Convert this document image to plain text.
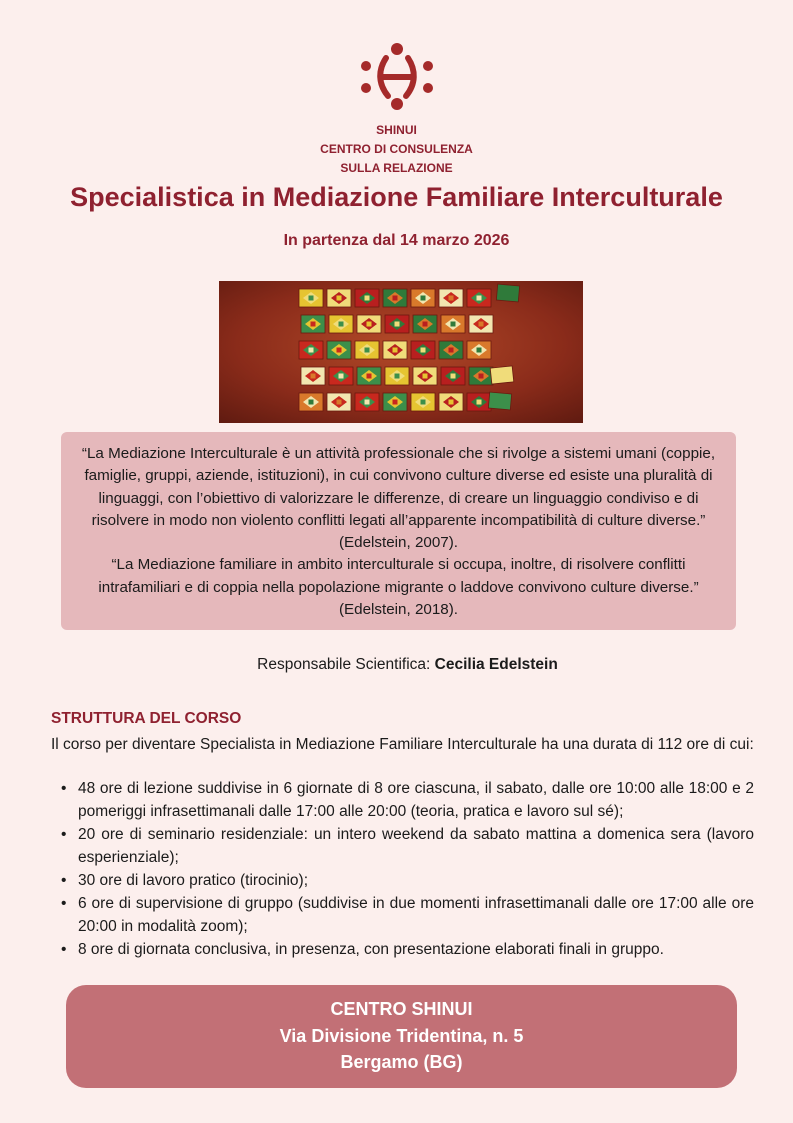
SHINUI
CENTRO DI CONSULENZA
SULLA RELAZIONE
Specialistica in Mediazione Familiare Interculturale
In partenza dal 14 marzo 2026

“La Mediazione Interculturale è un attività professionale che si rivolge a sistemi umani (coppie, famiglie, gruppi, aziende, istituzioni), in cui convivono culture diverse ed esiste una pluralità di linguaggi, con l’obiettivo di valorizzare le differenze, di creare un linguaggio condiviso e di risolvere in modo non violento conflitti legati all’apparente incompatibilità di culture diverse.” (Edelstein, 2007).

“La Mediazione familiare in ambito interculturale si occupa, inoltre, di risolvere conflitti intrafamiliari e di coppia nella popolazione migrante o laddove convivono culture diverse.” (Edelstein, 2018).

Responsabile Scientifica: Cecilia Edelstein
STRUTTURA DEL CORSO
Il corso per diventare Specialista in Mediazione Familiare Interculturale ha una durata di 112 ore di cui:
• 48 ore di lezione suddivise in 6 giornate di 8 ore ciascuna, il sabato, dalle ore 10:00 alle 18:00 e 2 pomeriggi infrasettimanali dalle 17:00 alle 20:00 (teoria, pratica e lavoro sul sé);
• 20 ore di seminario residenziale: un intero weekend da sabato mattina a domenica sera (lavoro esperienziale);
• 30 ore di lavoro pratico (tirocinio);
• 6 ore di supervisione di gruppo (suddivise in due momenti infrasettimanali dalle ore 17:00 alle ore 20:00 in modalità zoom);
• 8 ore di giornata conclusiva, in presenza, con presentazione elaborati finali in gruppo.
CENTRO SHINUI
Via Divisione Tridentina, n. 5
Bergamo (BG)
